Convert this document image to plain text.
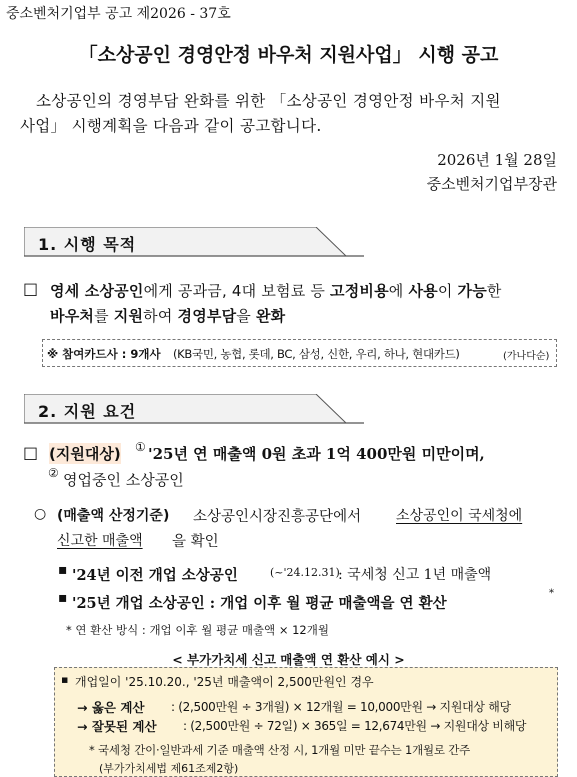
중소벤처기업부 공고 제2026 - 37호
「소상공인 경영안정 바우처 지원사업」 시행 공고
소상공인의 경영부담 완화를 위한 「소상공인 경영안정 바우처 지원
사업」 시행계획을 다음과 같이 공고합니다.
2026년 1월 28일
중소벤처기업부장관
1. 시행 목적
□ 영세 소상공인에게 공과금, 4대 보험료 등 고정비용에 사용이 가능한
바우처를 지원하여 경영부담을 완화
※ 참여카드사 : 9개사 (KB국민, 농협, 롯데, BC, 삼성, 신한, 우리, 하나, 현대카드)	(가나다순)
2. 지원 요건
□ (지원대상) ① '25년 연 매출액 0원 초과 1억 400만원 미만이며,
② 영업중인 소상공인
○ (매출액 산정기준) 소상공인시장진흥공단에서 소상공인이 국세청에
신고한 매출액 을 확인
▪ '24년 이전 개업 소상공인	(~'24.12.31)
: 국세청 신고 1년 매출액
▪ '25년 개업 소상공인 : 개업 이후 월 평균 매출액을 연 환산
*
* 연 환산 방식 : 개업 이후 월 평균 매출액 × 12개월
< 부가가치세 신고 매출액 연 환산 예시 >
▪ 개업일이 '25.10.20., '25년 매출액이 2,500만원인 경우
→ 옳은 계산 : (2,500만원 ÷ 3개월) × 12개월 = 10,000만원 → 지원대상 해당
→ 잘못된 계산 : (2,500만원 ÷ 72일) × 365일 = 12,674만원 → 지원대상 비해당
* 국세청 간이·일반과세 기준 매출액 산정 시, 1개월 미만 끝수는 1개월로 간주
(부가가치세법 제61조제2항)
